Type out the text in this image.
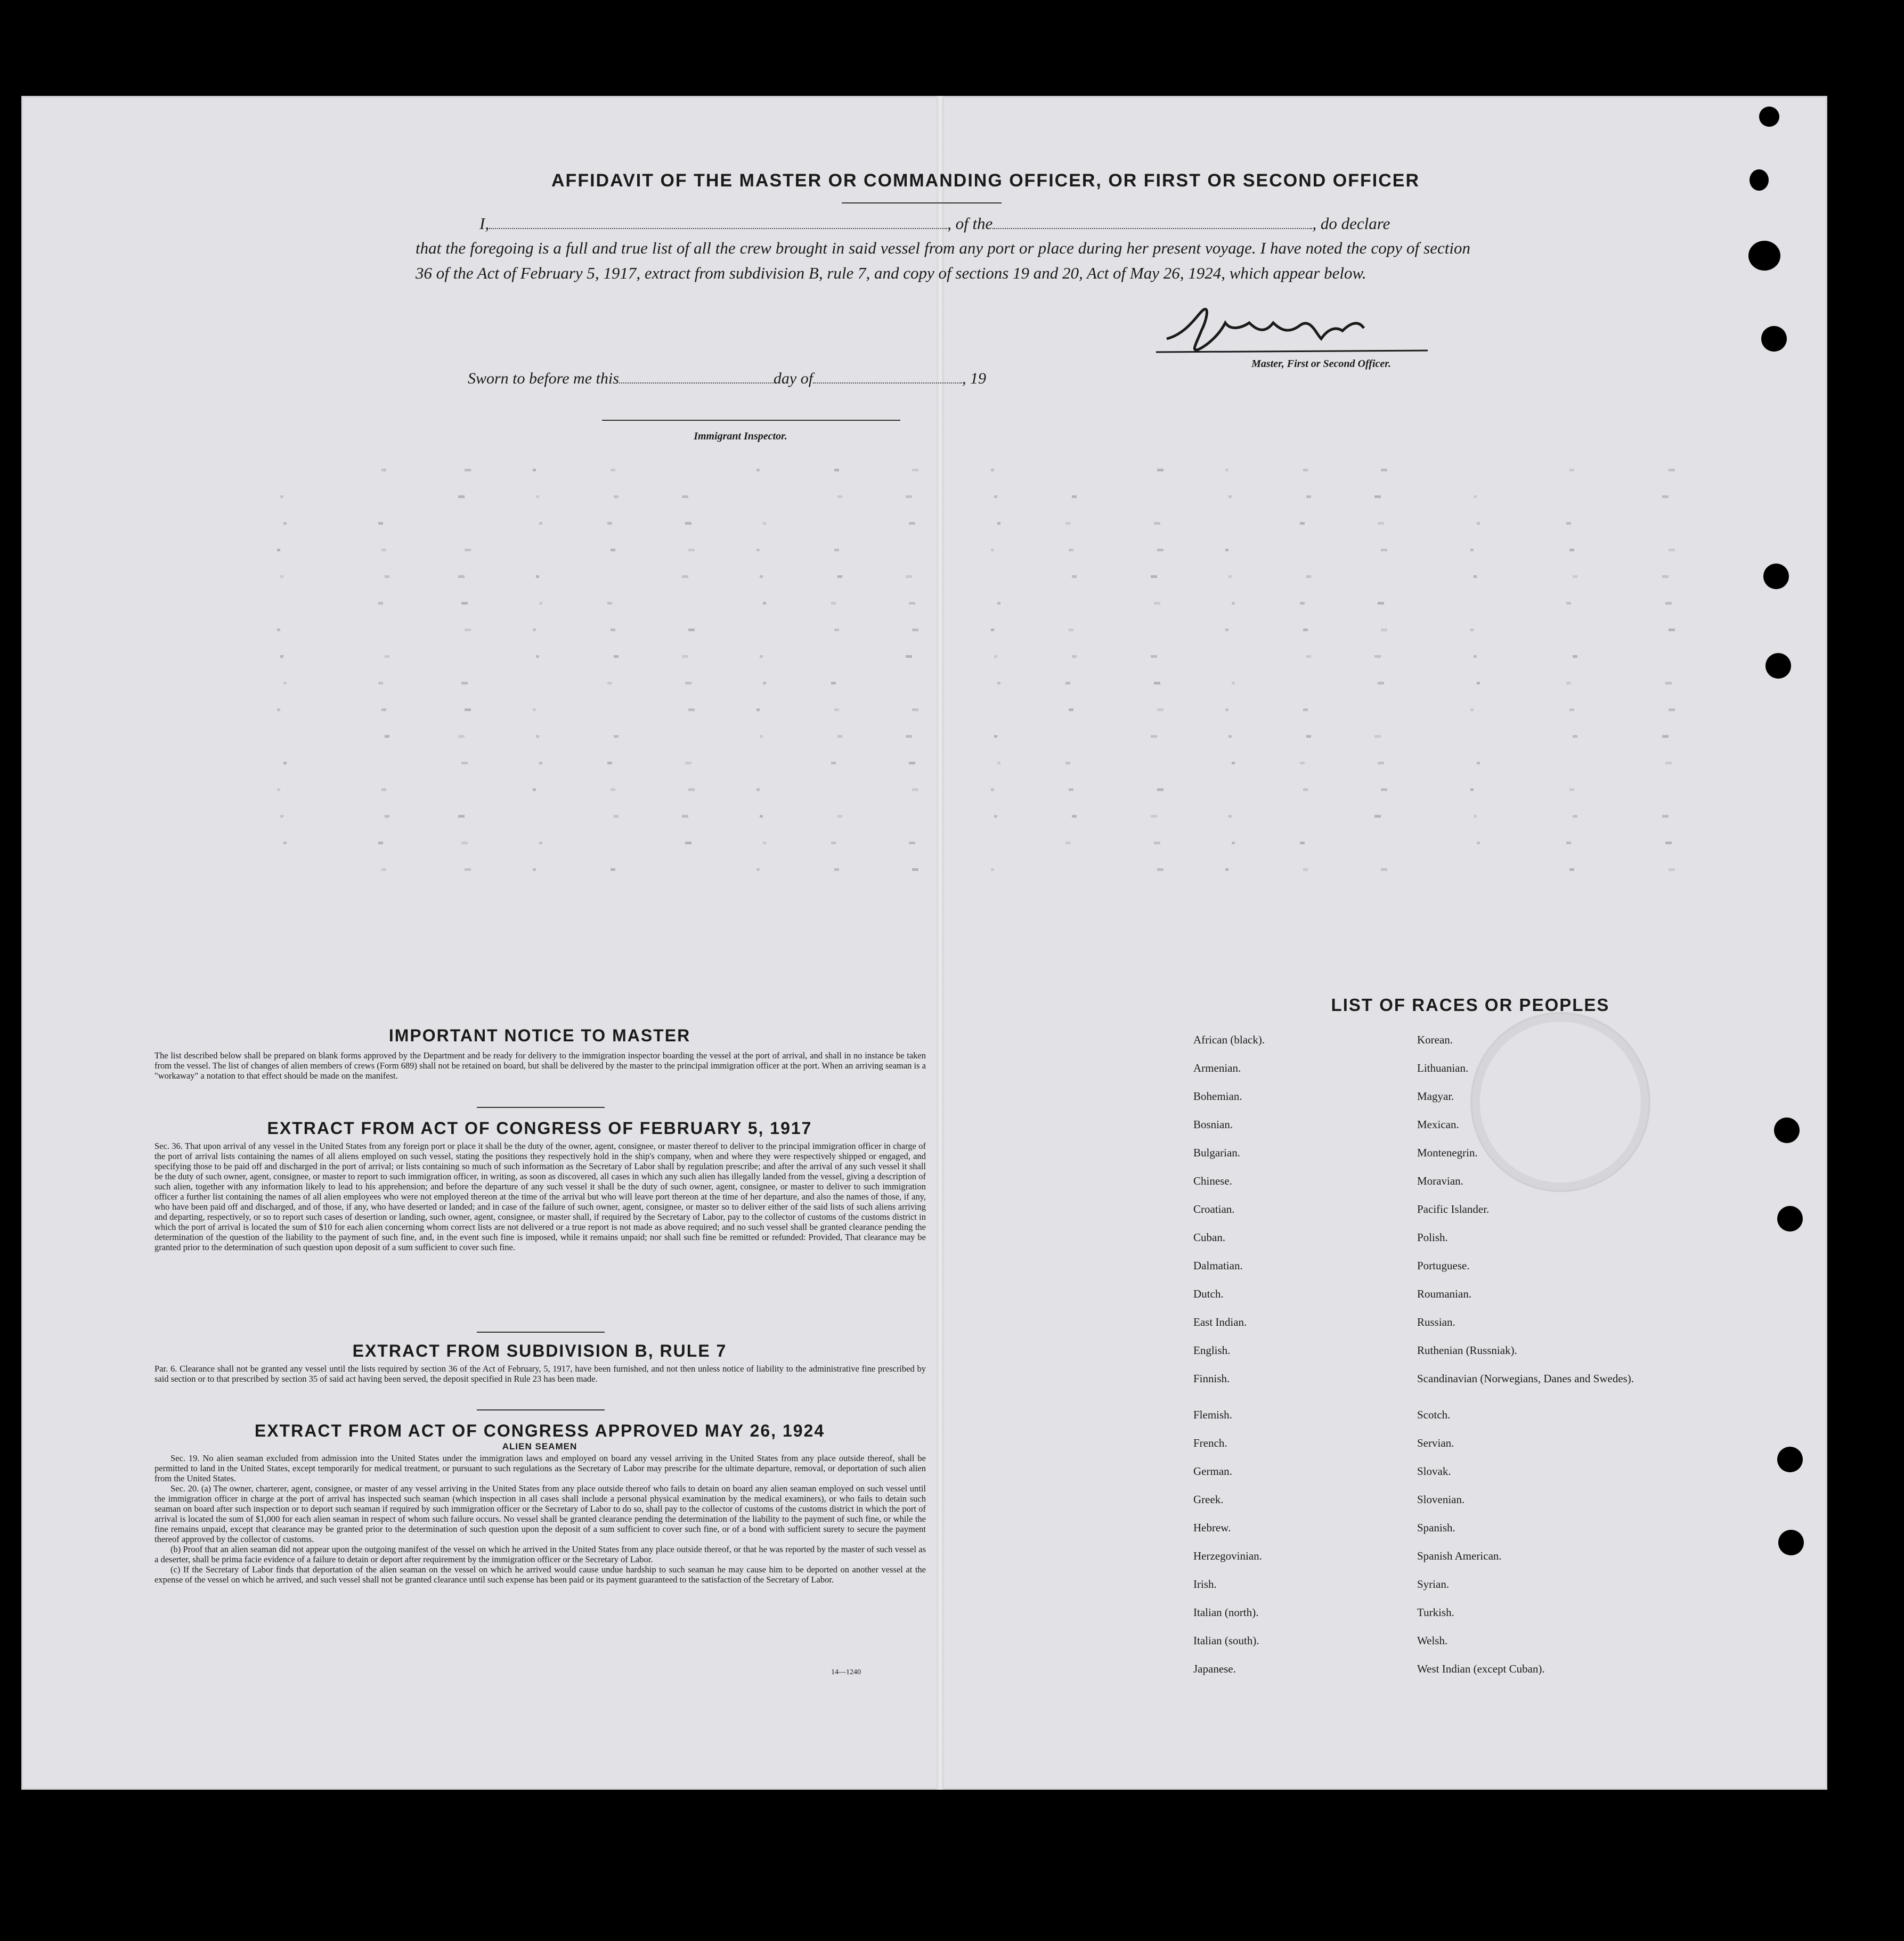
AFFIDAVIT OF THE MASTER OR COMMANDING OFFICER, OR FIRST OR SECOND OFFICER
I,	, of the	, do declare

that the foregoing is a full and true list of all the crew brought in said vessel from any port or place during her present voyage. I have noted the copy of section 36 of the Act of February 5, 1917, extract from subdivision B, rule 7, and copy of sections 19 and 20, Act of May 26, 1924, which appear below.

Master, First or Second Officer.
Sworn to before me this	day of	, 19
Immigrant Inspector.
IMPORTANT NOTICE TO MASTER

The list described below shall be prepared on blank forms approved by the Department and be ready for delivery to the immigration inspector boarding the vessel at the port of arrival, and shall in no instance be taken from the vessel. The list of changes of alien members of crews (Form 689) shall not be retained on board, but shall be delivered by the master to the principal immigration officer at the port. When an arriving seaman is a "workaway" a notation to that effect should be made on the manifest.

EXTRACT FROM ACT OF CONGRESS OF FEBRUARY 5, 1917

Sec. 36. That upon arrival of any vessel in the United States from any foreign port or place it shall be the duty of the owner, agent, consignee, or master thereof to deliver to the principal immigration officer in charge of the port of arrival lists containing the names of all aliens employed on such vessel, stating the positions they respectively hold in the ship's company, when and where they were respectively shipped or engaged, and specifying those to be paid off and discharged in the port of arrival; or lists containing so much of such information as the Secretary of Labor shall by regulation prescribe; and after the arrival of any such vessel it shall be the duty of such owner, agent, consignee, or master to report to such immigration officer, in writing, as soon as discovered, all cases in which any such alien has illegally landed from the vessel, giving a description of such alien, together with any information likely to lead to his apprehension; and before the departure of any such vessel it shall be the duty of such owner, agent, consignee, or master to deliver to such immigration officer a further list containing the names of all alien employees who were not employed thereon at the time of the arrival but who will leave port thereon at the time of her departure, and also the names of those, if any, who have been paid off and discharged, and of those, if any, who have deserted or landed; and in case of the failure of such owner, agent, consignee, or master so to deliver either of the said lists of such aliens arriving and departing, respectively, or so to report such cases of desertion or landing, such owner, agent, consignee, or master shall, if required by the Secretary of Labor, pay to the collector of customs of the customs district in which the port of arrival is located the sum of $10 for each alien concerning whom correct lists are not delivered or a true report is not made as above required; and no such vessel shall be granted clearance pending the determination of the question of the liability to the payment of such fine, and, in the event such fine is imposed, while it remains unpaid; nor shall such fine be remitted or refunded: Provided, That clearance may be granted prior to the determination of such question upon deposit of a sum sufficient to cover such fine.

EXTRACT FROM SUBDIVISION B, RULE 7

Par. 6. Clearance shall not be granted any vessel until the lists required by section 36 of the Act of February, 5, 1917, have been furnished, and not then unless notice of liability to the administrative fine prescribed by said section or to that prescribed by section 35 of said act having been served, the deposit specified in Rule 23 has been made.

EXTRACT FROM ACT OF CONGRESS APPROVED MAY 26, 1924
ALIEN SEAMEN

Sec. 19. No alien seaman excluded from admission into the United States under the immigration laws and employed on board any vessel arriving in the United States from any place outside thereof, shall be permitted to land in the United States, except temporarily for medical treatment, or pursuant to such regulations as the Secretary of Labor may prescribe for the ultimate departure, removal, or deportation of such alien from the United States.

Sec. 20. (a) The owner, charterer, agent, consignee, or master of any vessel arriving in the United States from any place outside thereof who fails to detain on board any alien seaman employed on such vessel until the immigration officer in charge at the port of arrival has inspected such seaman (which inspection in all cases shall include a personal physical examination by the medical examiners), or who fails to detain such seaman on board after such inspection or to deport such seaman if required by such immigration officer or the Secretary of Labor to do so, shall pay to the collector of customs of the customs district in which the port of arrival is located the sum of $1,000 for each alien seaman in respect of whom such failure occurs. No vessel shall be granted clearance pending the determination of the liability to the payment of such fine, or while the fine remains unpaid, except that clearance may be granted prior to the determination of such question upon the deposit of a sum sufficient to cover such fine, or of a bond with sufficient surety to secure the payment thereof approved by the collector of customs.

(b) Proof that an alien seaman did not appear upon the outgoing manifest of the vessel on which he arrived in the United States from any place outside thereof, or that he was reported by the master of such vessel as a deserter, shall be prima facie evidence of a failure to detain or deport after requirement by the immigration officer or the Secretary of Labor.

(c) If the Secretary of Labor finds that deportation of the alien seaman on the vessel on which he arrived would cause undue hardship to such seaman he may cause him to be deported on another vessel at the expense of the vessel on which he arrived, and such vessel shall not be granted clearance until such expense has been paid or its payment guaranteed to the satisfaction of the Secretary of Labor.

14—1240
LIST OF RACES OR PEOPLES
African (black).	Korean.
Armenian.	Lithuanian.
Bohemian.	Magyar.
Bosnian.	Mexican.
Bulgarian.	Montenegrin.
Chinese.	Moravian.
Croatian.	Pacific Islander.
Cuban.	Polish.
Dalmatian.	Portuguese.
Dutch.	Roumanian.
East Indian.	Russian.
English.	Ruthenian (Russniak).
Finnish.	Scandinavian (Norwegians, Danes and Swedes).
Flemish.	Scotch.
French.	Servian.
German.	Slovak.
Greek.	Slovenian.
Hebrew.	Spanish.
Herzegovinian.	Spanish American.
Irish.	Syrian.
Italian (north).	Turkish.
Italian (south).	Welsh.
Japanese.	West Indian (except Cuban).
